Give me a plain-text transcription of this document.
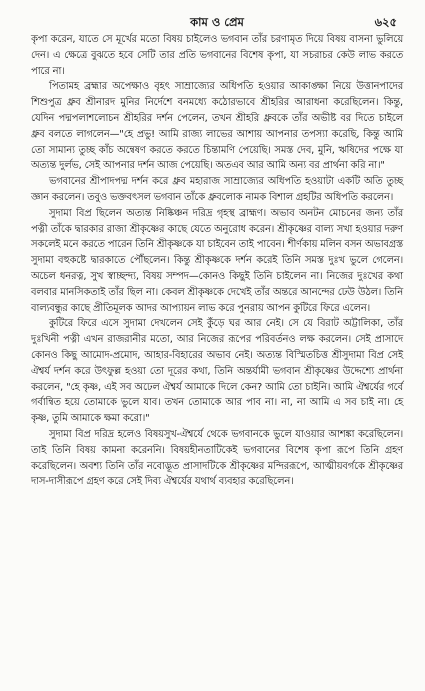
কাম ও প্রেম	৬২৫

কৃপা করেন, যাতে সে মূর্খের মতো বিষয় চাইলেও ভগবান তাঁর চরণামৃত দিয়ে বিষয় বাসনা ভুলিয়ে দেন। এ ক্ষেত্রে বুঝতে হবে সেটি তার প্রতি ভগবানের বিশেষ কৃপা, যা সচরাচর কেউ লাভ করতে পারে না।

পিতামহ ব্রহ্মার অপেক্ষাও বৃহৎ সাম্রাজ্যের অধিপতি হওয়ার আকাঙ্ক্ষা নিয়ে উত্তানপাদের শিশুপুত্র ধ্রুব শ্রীনারদ মুনির নির্দেশে বনমধ্যে কঠোরভাবে শ্রীহরির আরাধনা করেছিলেন। কিন্তু, যেদিন পদ্মপলাশলোচন শ্রীহরির দর্শন পেলেন, তখন শ্রীহরি ধ্রুবকে তাঁর অভীষ্ট বর দিতে চাইলে ধ্রুব বলতে লাগলেন—"হে প্রভু! আমি রাজ্য লাভের আশায় আপনার তপস্যা করেছি, কিন্তু আমি তো সামান্য তুচ্ছ কাঁচ অন্বেষণ করতে করতে চিন্তামণি পেয়েছি। সমস্ত দেব, মুনি, ঋষিদের পক্ষে যা অত্যন্ত দুর্লভ, সেই আপনার দর্শন আজ পেয়েছি। অতএব আর আমি অন্য বর প্রার্থনা করি না।"

ভগবানের শ্রীপাদপদ্ম দর্শন করে ধ্রুব মহারাজ সাম্রাজ্যের অধিপতি হওয়াটা একটি অতি তুচ্ছ জ্ঞান করলেন। তবুও ভক্তবৎসল ভগবান তাঁকে ধ্রুবলোক নামক বিশাল গ্রহটির অধিপতি করলেন।

সুদামা বিপ্র ছিলেন অত্যন্ত নিষ্কিঞ্চন দরিদ্র গৃহস্থ ব্রাহ্মণ। অভাব অনটন মোচনের জন্য তাঁর পত্নী তাঁকে দ্বারকার রাজা শ্রীকৃষ্ণের কাছে যেতে অনুরোধ করেন। শ্রীকৃষ্ণের বাল্য সখা হওয়ার দরুণ সকলেই মনে করতে পারেন তিনি শ্রীকৃষ্ণকে যা চাইবেন তাই পাবেন। শীর্ণকায় মলিন বসন অভাবগ্রস্ত সুদামা বহুকষ্টে দ্বারকাতে পৌঁছলেন। কিন্তু শ্রীকৃষ্ণকে দর্শন করেই তিনি সমস্ত দুঃখ ভুলে গেলেন। অচেল ধনরত্ন, সুখ স্বাচ্ছন্দ্য, বিষয় সম্পদ—কোনও কিছুই তিনি চাইলেন না। নিজের দুঃখের কথা বলবার মানসিকতাই তাঁর ছিল না। কেবল শ্রীকৃষ্ণকে দেখেই তাঁর অন্তরে আনন্দের ঢেউ উঠল। তিনি বাল্যবন্ধুর কাছে প্রীতিমূলক আদর আপ্যায়ন লাভ করে পুনরায় আপন কুটিরে ফিরে এলেন।

কুটিরে ফিরে এসে সুদামা দেখলেন সেই কুঁড়ে ঘর আর নেই। সে যে বিরাট অট্টালিকা, তাঁর দুঃখিনী পত্নী এখন রাজরানীর মতো, আর নিজের রূপের পরিবর্তনও লক্ষ করলেন। সেই প্রাসাদে কোনও কিছু আমোদ-প্রমোদ, আহার-বিহারের অভাব নেই। অত্যন্ত বিস্মিতচিত্ত শ্রীসুদামা বিপ্র সেই ঐশ্বর্য দর্শন করে উৎফুল্ল হওয়া তো দূরের কথা, তিনি অন্তর্যামী ভগবান শ্রীকৃষ্ণের উদ্দেশ্যে প্রার্থনা করলেন, "হে কৃষ্ণ, এই সব অঢেল ঐশ্বর্য আমাকে দিলে কেন? আমি তো চাইনি। আমি ঐশ্বর্যের গর্বে গর্বান্বিত হয়ে তোমাকে ভুলে যাব। তখন তোমাকে আর পাব না। না, না আমি এ সব চাই না। হে কৃষ্ণ, তুমি আমাকে ক্ষমা করো।"

সুদামা বিপ্র দরিদ্র হলেও বিষয়সুখ-ঐশ্বর্যে থেকে ভগবানকে ভুলে যাওয়ার আশঙ্কা করেছিলেন। তাই তিনি বিষয় কামনা করেননি। বিষয়হীনতাটিকেই ভগবানের বিশেষ কৃপা রূপে তিনি গ্রহণ করেছিলেন। অবশ্য তিনি তাঁর নবোদ্ভূত প্রাসাদটিকে শ্রীকৃষ্ণের মন্দিররূপে, আত্মীয়বর্গকে শ্রীকৃষ্ণের দাস-দাসীরূপে গ্রহণ করে সেই দিব্য ঐশ্বর্যের যথার্থ ব্যবহার করেছিলেন।
